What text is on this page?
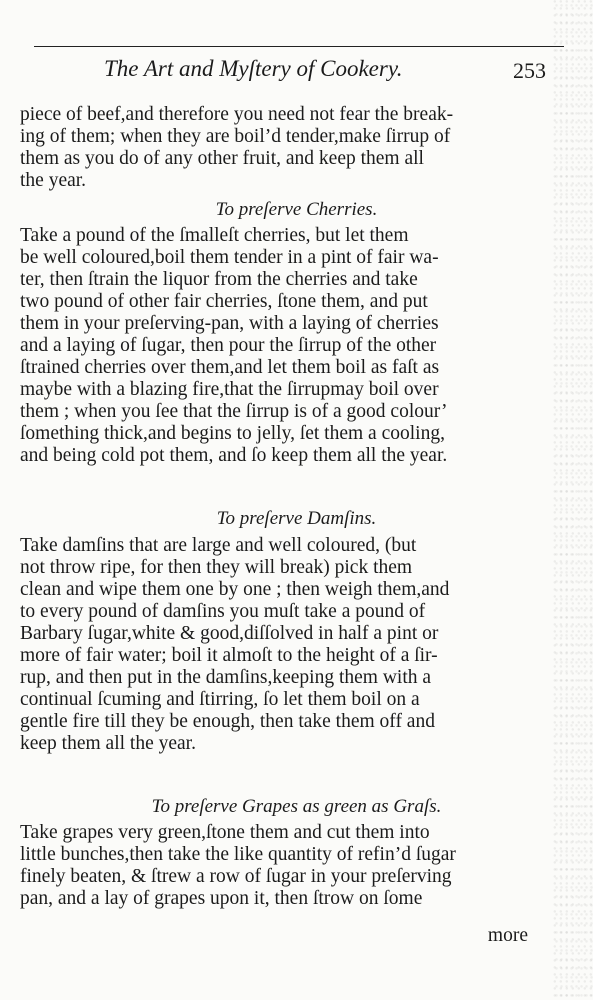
The Art and Myſtery of Cookery.	253
piece of beef,and therefore you need not fear the break-
ing of them; when they are boil’d tender,make ſirrup of
them as you do of any other fruit, and keep them all
the year.
To preſerve Cherries.
Take a pound of the ſmalleſt cherries, but let them
be well coloured,boil them tender in a pint of fair wa-
ter, then ſtrain the liquor from the cherries and take
two pound of other fair cherries, ſtone them, and put
them in your preſerving-pan, with a laying of cherries
and a laying of ſugar, then pour the ſirrup of the other
ſtrained cherries over them,and let them boil as faſt as
maybe with a blazing fire,that the ſirrupmay boil over
them ; when you ſee that the ſirrup is of a good colour’
ſomething thick,and begins to jelly, ſet them a cooling,
and being cold pot them, and ſo keep them all the year.
To preſerve Damſins.
Take damſins that are large and well coloured, (but
not throw ripe, for then they will break) pick them
clean and wipe them one by one ; then weigh them,and
to every pound of damſins you muſt take a pound of
Barbary ſugar,white & good,diſſolved in half a pint or
more of fair water; boil it almoſt to the height of a ſir-
rup, and then put in the damſins,keeping them with a
continual ſcuming and ſtirring, ſo let them boil on a
gentle fire till they be enough, then take them off and
keep them all the year.
To preſerve Grapes as green as Graſs.
Take grapes very green,ſtone them and cut them into
little bunches,then take the like quantity of refin’d ſugar
finely beaten, & ſtrew a row of ſugar in your preſerving
pan, and a lay of grapes upon it, then ſtrow on ſome
more
